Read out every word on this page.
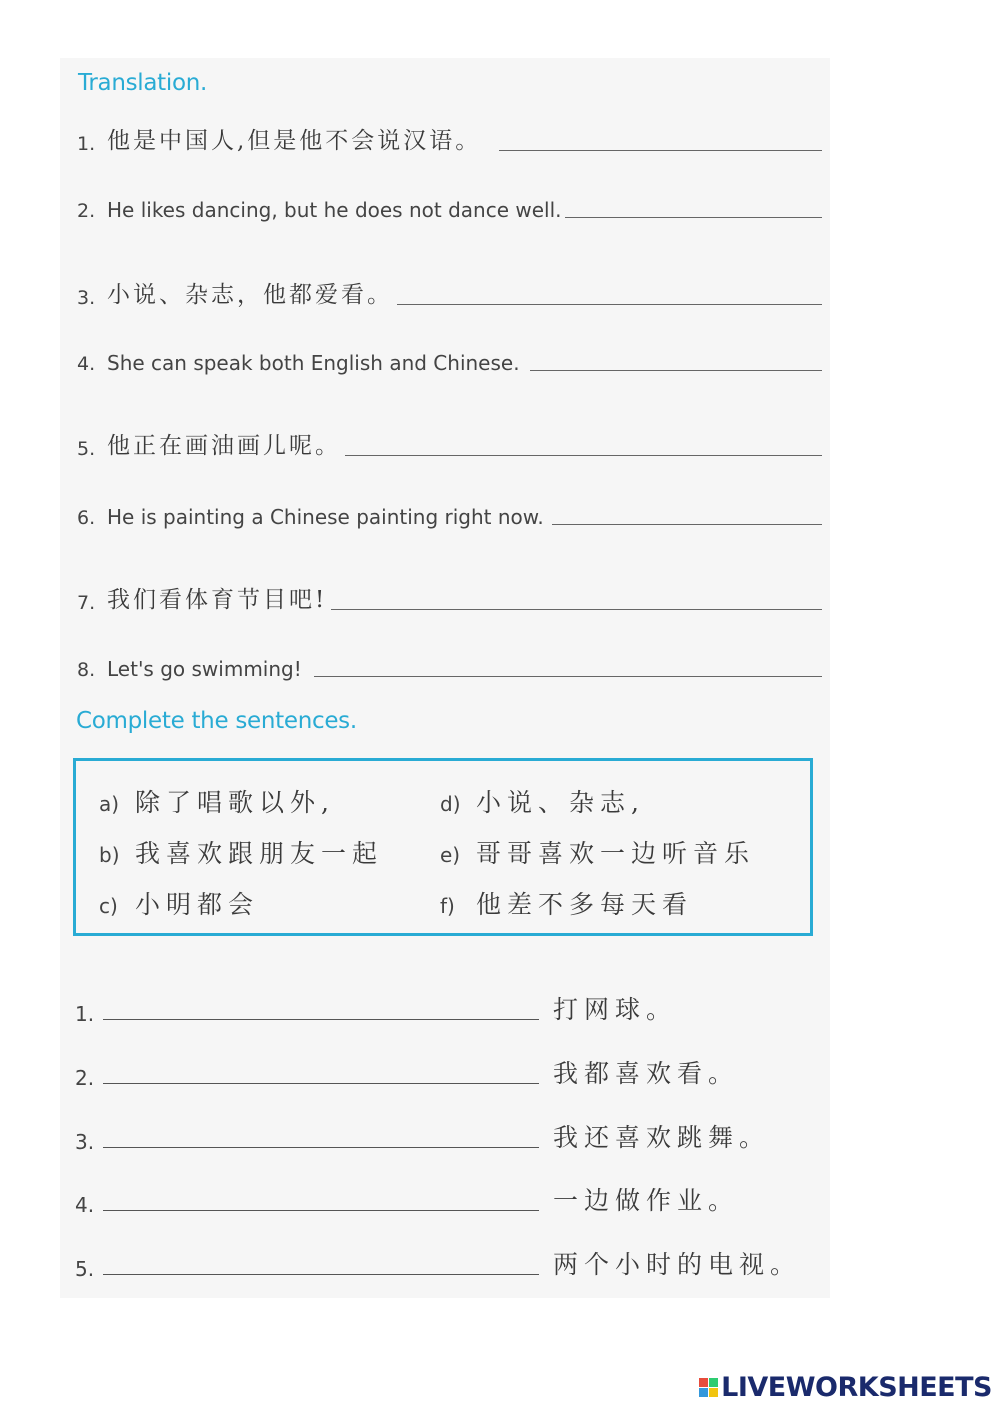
Translation.
1. 他是中国人,但是他不会说汉语。
2. He likes dancing, but he does not dance well.
3. 小说、杂志，他都爱看。
4. She can speak both English and Chinese.
5. 他正在画油画儿呢。
6. He is painting a Chinese painting right now.
7. 我们看体育节目吧!
8. Let's go swimming!
Complete the sentences.
a) 除了唱歌以外,
b) 我喜欢跟朋友一起
c) 小明都会
d) 小说、杂志,
e) 哥哥喜欢一边听音乐
f) 他差不多每天看
1.	打网球。
2.	我都喜欢看。
3.	我还喜欢跳舞。
4.	一边做作业。
5.	两个小时的电视。
LIVEWORKSHEETS
